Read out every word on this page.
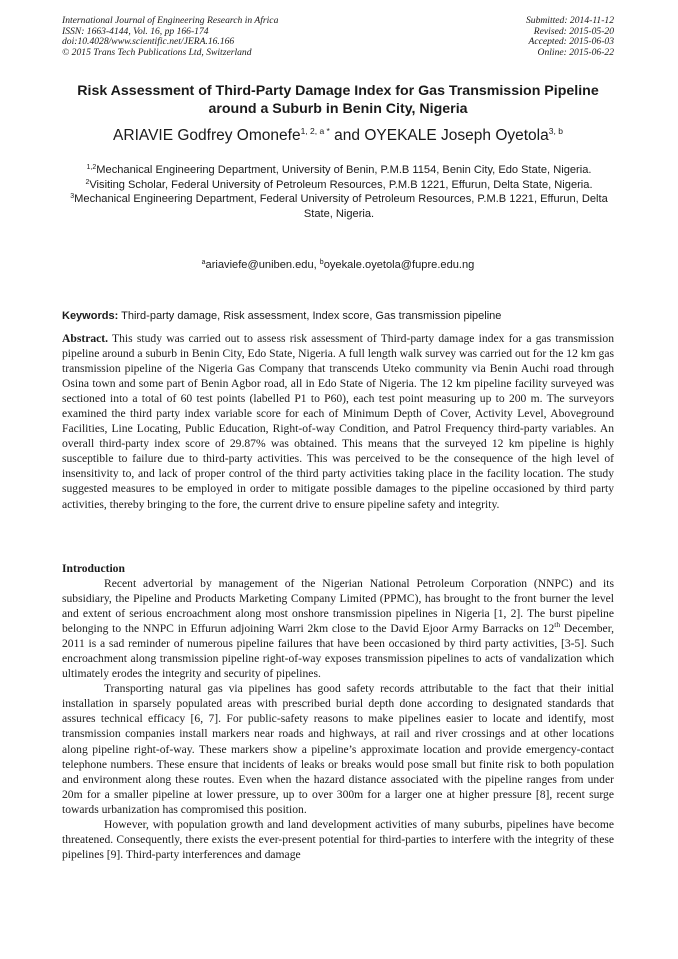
International Journal of Engineering Research in Africa
ISSN: 1663-4144, Vol. 16, pp 166-174
doi:10.4028/www.scientific.net/JERA.16.166
© 2015 Trans Tech Publications Ltd, Switzerland
Submitted: 2014-11-12
Revised: 2015-05-20
Accepted: 2015-06-03
Online: 2015-06-22
Risk Assessment of Third-Party Damage Index for Gas Transmission Pipeline around a Suburb in Benin City, Nigeria
ARIAVIE Godfrey Omonefe$^{1, 2, a *}$ and OYEKALE Joseph Oyetola$^{3, b}$

$^{1,2}$Mechanical Engineering Department, University of Benin, P.M.B 1154, Benin City, Edo State, Nigeria.

$^2$Visiting Scholar, Federal University of Petroleum Resources, P.M.B 1221, Effurun, Delta State, Nigeria.

$^3$Mechanical Engineering Department, Federal University of Petroleum Resources, P.M.B 1221, Effurun, Delta State, Nigeria.

$^a$ariaviefe@uniben.edu, $^b$oyekale.oyetola@fupre.edu.ng
Keywords: Third-party damage, Risk assessment, Index score, Gas transmission pipeline

Abstract. This study was carried out to assess risk assessment of Third-party damage index for a gas transmission pipeline around a suburb in Benin City, Edo State, Nigeria. A full length walk survey was carried out for the 12 km gas transmission pipeline of the Nigeria Gas Company that transcends Uteko community via Benin Auchi road through Osina town and some part of Benin Agbor road, all in Edo State of Nigeria. The 12 km pipeline facility surveyed was sectioned into a total of 60 test points (labelled P1 to P60), each test point measuring up to 200 m. The surveyors examined the third party index variable score for each of Minimum Depth of Cover, Activity Level, Aboveground Facilities, Line Locating, Public Education, Right-of-way Condition, and Patrol Frequency third-party variables. An overall third-party index score of 29.87% was obtained. This means that the surveyed 12 km pipeline is highly susceptible to failure due to third-party activities. This was perceived to be the consequence of the high level of insensitivity to, and lack of proper control of the third party activities taking place in the facility location. The study suggested measures to be employed in order to mitigate possible damages to the pipeline occasioned by third party activities, thereby bringing to the fore, the current drive to ensure pipeline safety and integrity.

Introduction

Recent advertorial by management of the Nigerian National Petroleum Corporation (NNPC) and its subsidiary, the Pipeline and Products Marketing Company Limited (PPMC), has brought to the front burner the level and extent of serious encroachment along most onshore transmission pipelines in Nigeria [1, 2]. The burst pipeline belonging to the NNPC in Effurun adjoining Warri 2km close to the David Ejoor Army Barracks on 12th December, 2011 is a sad reminder of numerous pipeline failures that have been occasioned by third party activities, [3-5]. Such encroachment along transmission pipeline right-of-way exposes transmission pipelines to acts of vandalization which ultimately erodes the integrity and security of pipelines.

Transporting natural gas via pipelines has good safety records attributable to the fact that their initial installation in sparsely populated areas with prescribed burial depth done according to designated standards that assures technical efficacy [6, 7]. For public-safety reasons to make pipelines easier to locate and identify, most transmission companies install markers near roads and highways, at rail and river crossings and at other locations along pipeline right-of-way. These markers show a pipeline’s approximate location and provide emergency-contact telephone numbers. These ensure that incidents of leaks or breaks would pose small but finite risk to both population and environment along these routes. Even when the hazard distance associated with the pipeline ranges from under 20m for a smaller pipeline at lower pressure, up to over 300m for a larger one at higher pressure [8], recent surge towards urbanization has compromised this position.

However, with population growth and land development activities of many suburbs, pipelines have become threatened. Consequently, there exists the ever-present potential for third-parties to interfere with the integrity of these pipelines [9]. Third-party interferences and damage
